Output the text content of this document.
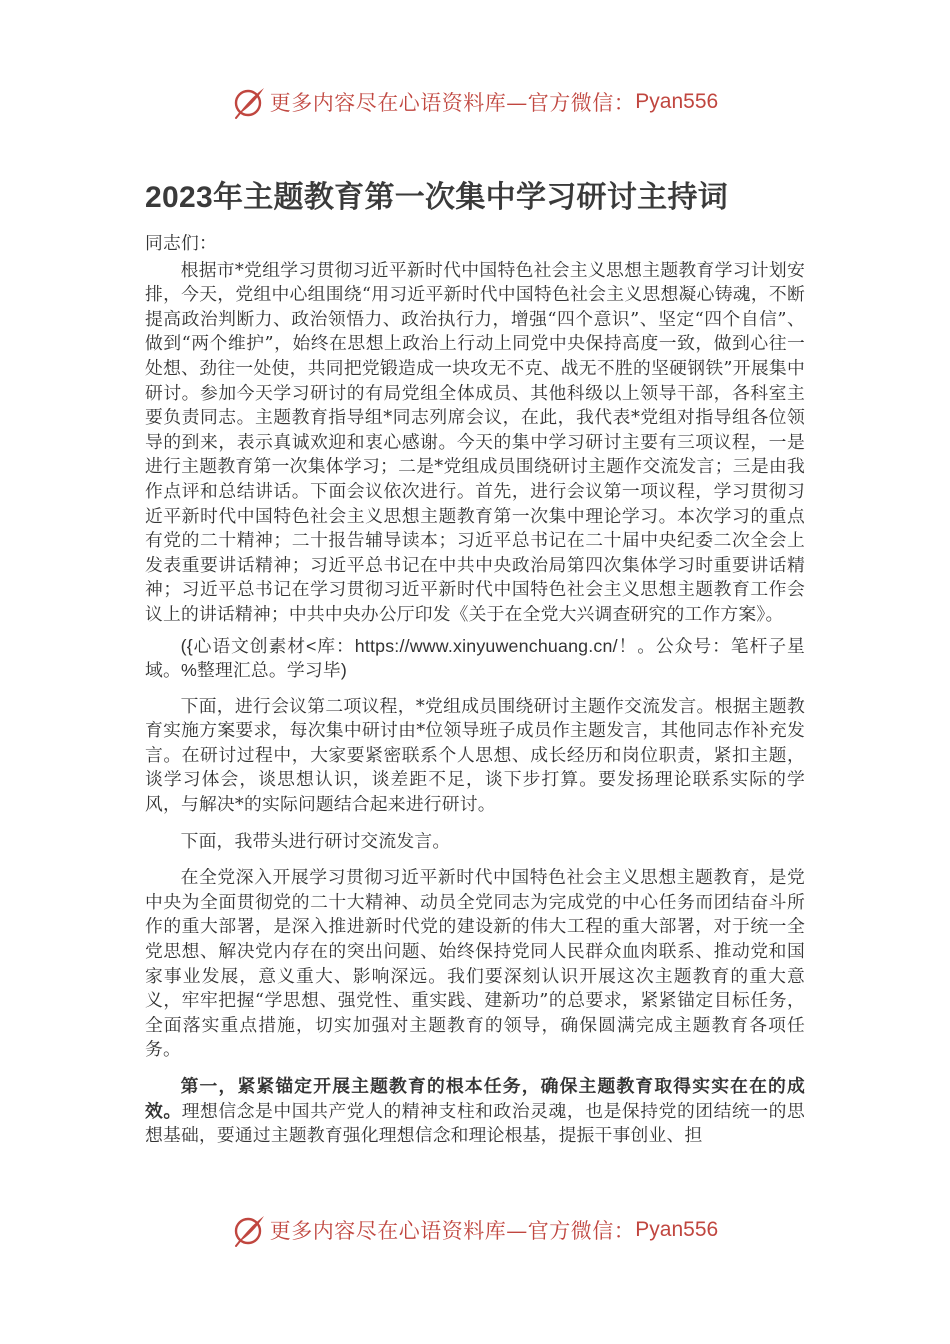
更多内容尽在心语资料库—官方微信： Pyan556
2023年主题教育第一次集中学习研讨主持词

同志们：

根据市*党组学习贯彻习近平新时代中国特色社会主义思想主题教育学习计划安排，今天，党组中心组围绕“用习近平新时代中国特色社会主义思想凝心铸魂，不断提高政治判断力、政治领悟力、政治执行力，增强“四个意识”、坚定“四个自信”、做到“两个维护”，始终在思想上政治上行动上同党中央保持高度一致，做到心往一处想、劲往一处使，共同把党锻造成一块攻无不克、战无不胜的坚硬钢铁”开展集中研讨。参加今天学习研讨的有局党组全体成员、其他科级以上领导干部，各科室主要负责同志。主题教育指导组*同志列席会议，在此，我代表*党组对指导组各位领导的到来，表示真诚欢迎和衷心感谢。今天的集中学习研讨主要有三项议程，一是进行主题教育第一次集体学习；二是*党组成员围绕研讨主题作交流发言；三是由我作点评和总结讲话。下面会议依次进行。首先，进行会议第一项议程，学习贯彻习近平新时代中国特色社会主义思想主题教育第一次集中理论学习。本次学习的重点有党的二十精神；二十报告辅导读本；习近平总书记在二十届中央纪委二次全会上发表重要讲话精神；习近平总书记在中共中央政治局第四次集体学习时重要讲话精神；习近平总书记在学习贯彻习近平新时代中国特色社会主义思想主题教育工作会议上的讲话精神；中共中央办公厅印发《关于在全党大兴调查研究的工作方案》。

({心语文创素材<库：https://www.xinyuwenchuang.cn/！。公众号：笔杆子星域。%整理汇总。学习毕)

下面，进行会议第二项议程，*党组成员围绕研讨主题作交流发言。根据主题教育实施方案要求，每次集中研讨由*位领导班子成员作主题发言，其他同志作补充发言。在研讨过程中，大家要紧密联系个人思想、成长经历和岗位职责，紧扣主题，谈学习体会，谈思想认识，谈差距不足，谈下步打算。要发扬理论联系实际的学风，与解决*的实际问题结合起来进行研讨。

下面，我带头进行研讨交流发言。

在全党深入开展学习贯彻习近平新时代中国特色社会主义思想主题教育，是党中央为全面贯彻党的二十大精神、动员全党同志为完成党的中心任务而团结奋斗所作的重大部署，是深入推进新时代党的建设新的伟大工程的重大部署，对于统一全党思想、解决党内存在的突出问题、始终保持党同人民群众血肉联系、推动党和国家事业发展，意义重大、影响深远。我们要深刻认识开展这次主题教育的重大意义，牢牢把握“学思想、强党性、重实践、建新功”的总要求，紧紧锚定目标任务，全面落实重点措施，切实加强对主题教育的领导，确保圆满完成主题教育各项任务。

第一，紧紧锚定开展主题教育的根本任务，确保主题教育取得实实在在的成效。理想信念是中国共产党人的精神支柱和政治灵魂，也是保持党的团结统一的思想基础，要通过主题教育强化理想信念和理论根基，提振干事创业、担

更多内容尽在心语资料库—官方微信： Pyan556
